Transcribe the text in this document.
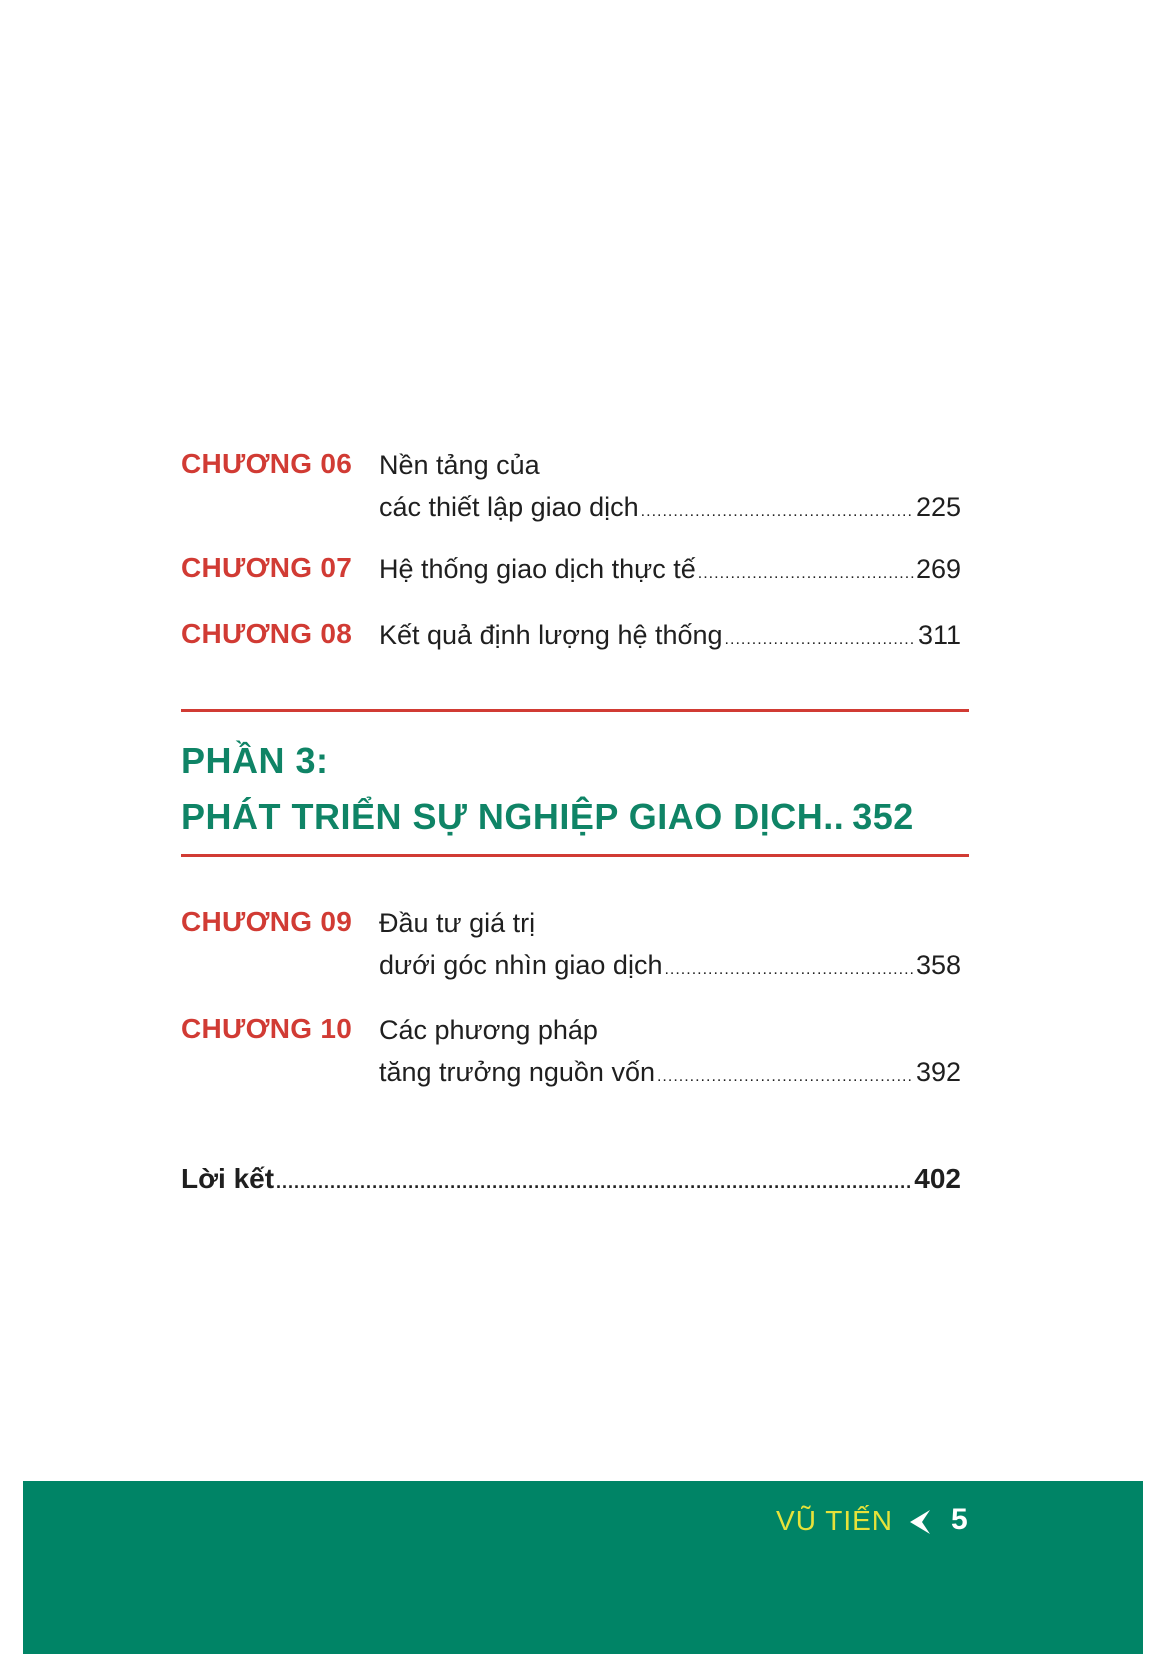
CHƯƠNG 06 Nền tảng của
các thiết lập giao dịch .....	225
CHƯƠNG 07 Hệ thống giao dịch thực tế .....	269
CHƯƠNG 08 Kết quả định lượng hệ thống .....	311
PHẦN 3:
PHÁT TRIỂN SỰ NGHIỆP GIAO DỊCH.. 352
CHƯƠNG 09 Đầu tư giá trị
dưới góc nhìn giao dịch .....	358
CHƯƠNG 10 Các phương pháp
tăng trưởng nguồn vốn .....	392
Lời kết .....	402
VŨ TIẾN 5
